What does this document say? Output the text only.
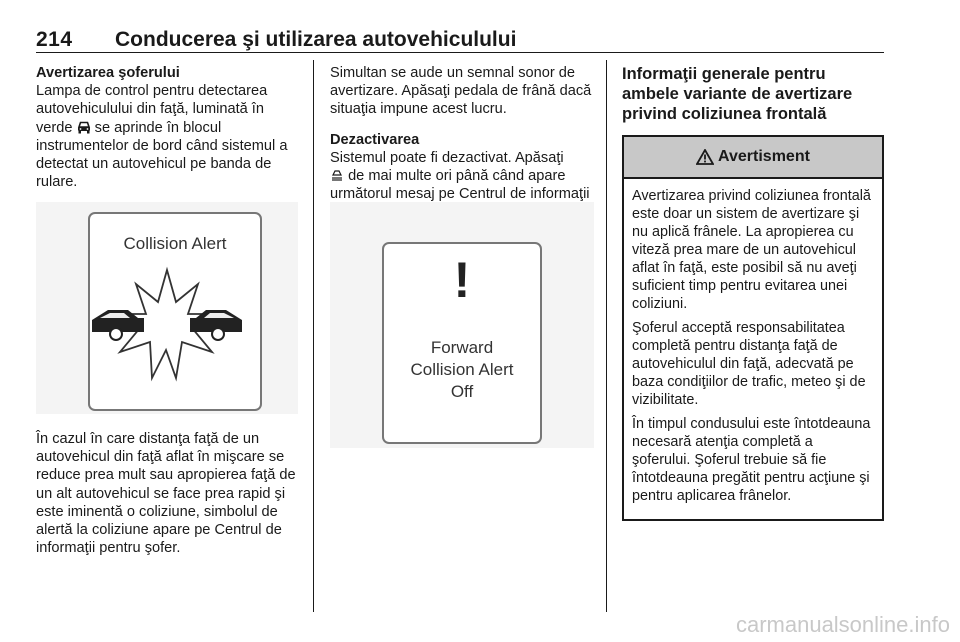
214 Conducerea şi utilizarea autovehiculului
Avertizarea şoferului

Lampa de control pentru detectarea autovehiculului din faţă, luminată în verde se aprinde în blocul instrumentelor de bord când sistemul a detectat un autovehicul pe banda de rulare.

Collision Alert

În cazul în care distanţa faţă de un autovehicul din faţă aflat în mişcare se reduce prea mult sau apropierea faţă de un alt autovehicul se face prea rapid şi este iminentă o coliziune, simbolul de alertă la coliziune apare pe Centrul de informaţii pentru şofer.

Simultan se aude un semnal sonor de avertizare. Apăsaţi pedala de frână dacă situaţia impune acest lucru.

Dezactivarea

Sistemul poate fi dezactivat. Apăsaţi
de mai multe ori până când apare următorul mesaj pe Centrul de informaţii

!
Forward
Collision Alert
Off
Informaţii generale pentru ambele variante de avertizare privind coliziunea frontală
Avertisment

Avertizarea privind coliziunea frontală este doar un sistem de avertizare şi nu aplică frânele. La apropierea cu viteză prea mare de un autovehicul aflat în faţă, este posibil să nu aveţi suficient timp pentru evitarea unei coliziuni.

Şoferul acceptă responsabilitatea completă pentru distanţa faţă de autovehiculul din faţă, adecvată pe baza condiţiilor de trafic, meteo şi de vizibilitate.

În timpul condusului este întotdeauna necesară atenţia completă a şoferului. Şoferul trebuie să fie întotdeauna pregătit pentru acţiune şi pentru aplicarea frânelor.

carmanualsonline.info
